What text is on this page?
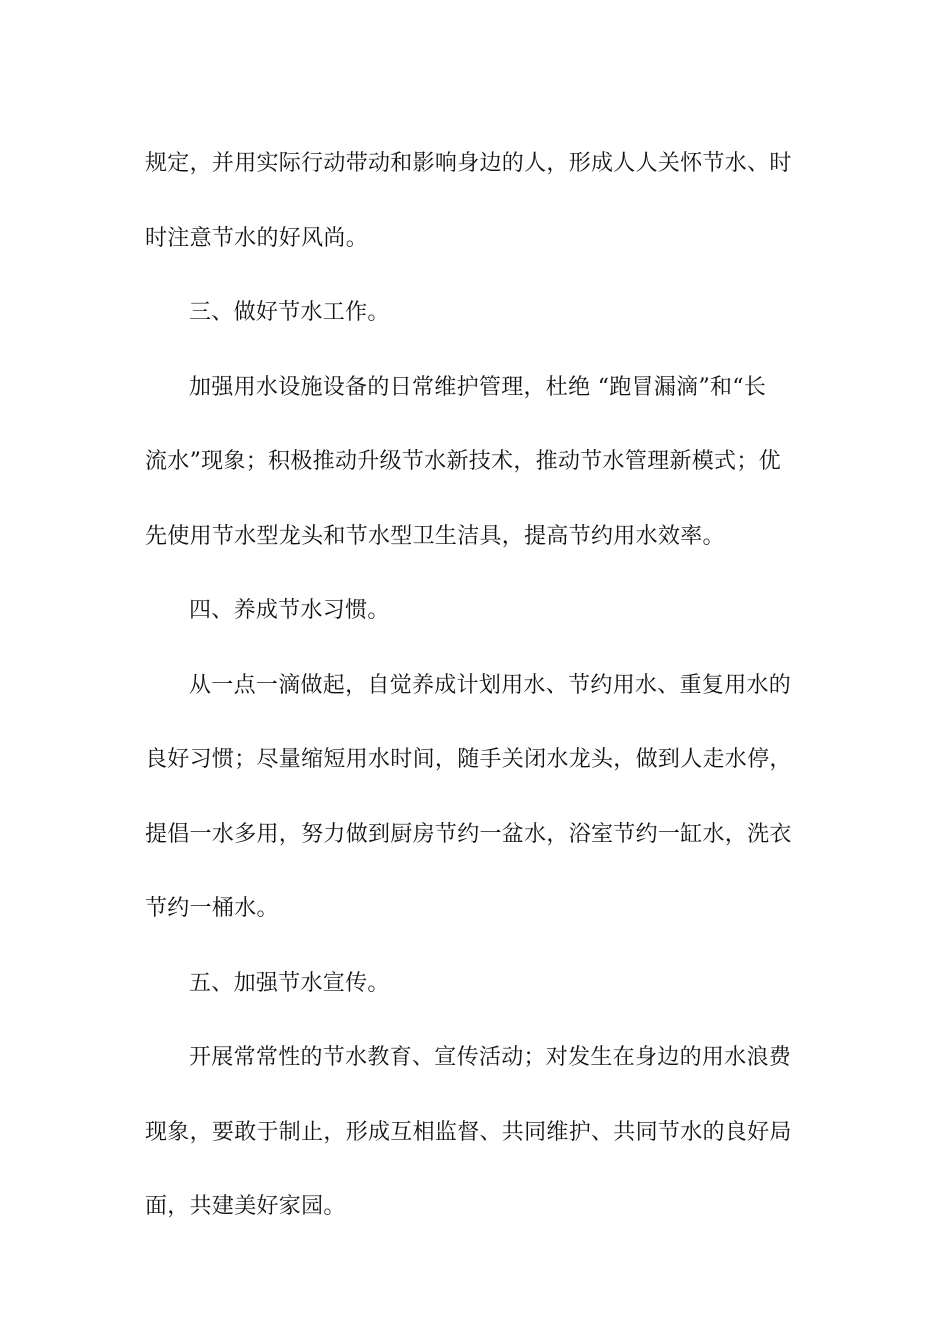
规定，并用实际行动带动和影响身边的人，形成人人关怀节水、时
时注意节水的好风尚。
三、做好节水工作。
加强用水设施设备的日常维护管理，杜绝 “跑冒漏滴”和“长
流水”现象；积极推动升级节水新技术，推动节水管理新模式；优
先使用节水型龙头和节水型卫生洁具，提高节约用水效率。
四、养成节水习惯。
从一点一滴做起，自觉养成计划用水、节约用水、重复用水的
良好习惯；尽量缩短用水时间，随手关闭水龙头，做到人走水停，
提倡一水多用，努力做到厨房节约一盆水，浴室节约一缸水，洗衣
节约一桶水。
五、加强节水宣传。
开展常常性的节水教育、宣传活动；对发生在身边的用水浪费
现象，要敢于制止，形成互相监督、共同维护、共同节水的良好局
面，共建美好家园。
